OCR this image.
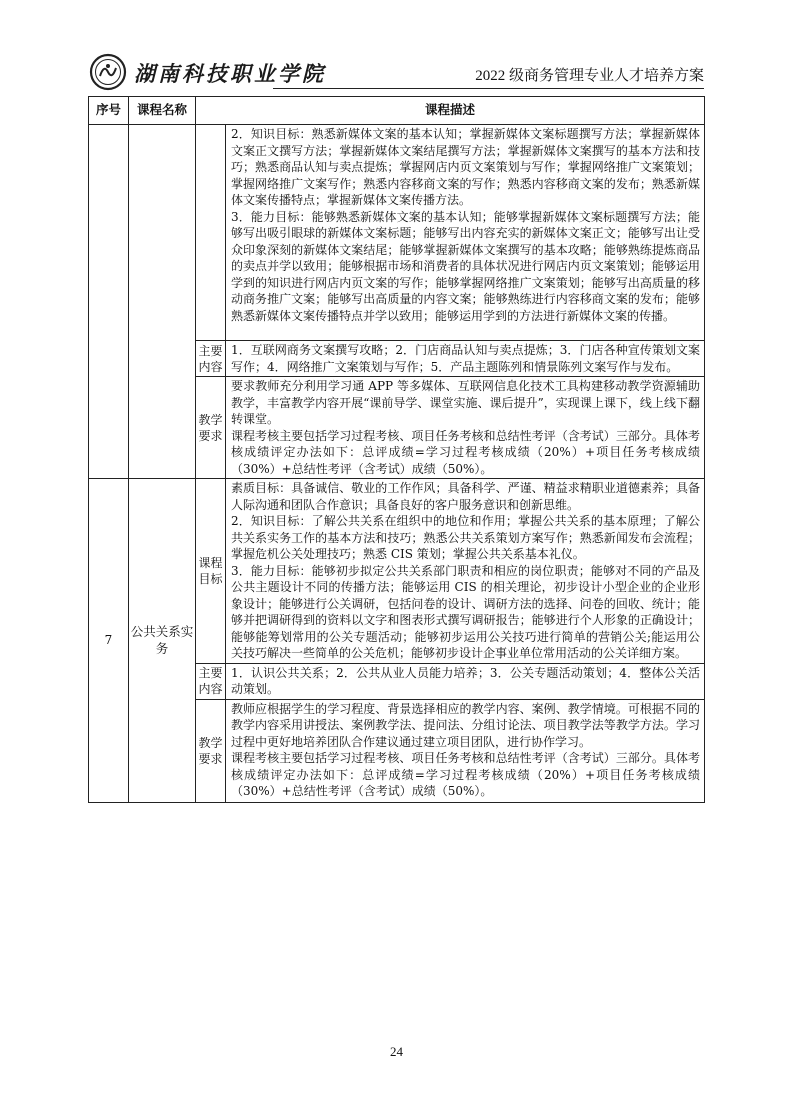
湖南科技职业学院	2022 级商务管理专业人才培养方案
序号	课程名称	课程描述	

			2．知识目标：熟悉新媒体文案的基本认知；掌握新媒体文案标题撰写方法；掌握新媒体文案正文撰写方法；掌握新媒体文案结尾撰写方法；掌握新媒体文案撰写的基本方法和技巧；熟悉商品认知与卖点提炼；掌握网店内页文案策划与写作；掌握网络推广文案策划；掌握网络推广文案写作；熟悉内容移商文案的写作；熟悉内容移商文案的发布；熟悉新媒体文案传播特点；掌握新媒体文案传播方法。

3．能力目标：能够熟悉新媒体文案的基本认知；能够掌握新媒体文案标题撰写方法；能够写出吸引眼球的新媒体文案标题；能够写出内容充实的新媒体文案正文；能够写出让受众印象深刻的新媒体文案结尾；能够掌握新媒体文案撰写的基本攻略；能够熟练提炼商品的卖点并学以致用；能够根据市场和消费者的具体状况进行网店内页文案策划；能够运用学到的知识进行网店内页文案的写作；能够掌握网络推广文案策划；能够写出高质量的移动商务推广文案；能够写出高质量的内容文案；能够熟练进行内容移商文案的发布；能够熟悉新媒体文案传播特点并学以致用；能够运用学到的方法进行新媒体文案的传播。

		主要内容	1．互联网商务文案撰写攻略；2．门店商品认知与卖点提炼；3．门店各种宣传策划文案写作；4．网络推广文案策划与写作；5．产品主题陈列和情景陈列文案写作与发布。

		教学要求	要求教师充分利用学习通 APP 等多媒体、互联网信息化技术工具构建移动教学资源辅助教学，丰富教学内容开展“课前导学、课堂实施、课后提升”，实现课上课下，线上线下翻转课堂。

课程考核主要包括学习过程考核、项目任务考核和总结性考评（含考试）三部分。具体考核成绩评定办法如下：总评成绩=学习过程考核成绩（20%）+项目任务考核成绩（30%）+总结性考评（含考试）成绩（50%）。

7	公共关系实务	课程目标	素质目标：具备诚信、敬业的工作作风；具备科学、严谨、精益求精职业道德素养；具备人际沟通和团队合作意识；具备良好的客户服务意识和创新思维。

2．知识目标：了解公共关系在组织中的地位和作用；掌握公共关系的基本原理；了解公共关系实务工作的基本方法和技巧；熟悉公共关系策划方案写作；熟悉新闻发布会流程；掌握危机公关处理技巧；熟悉 CIS 策划；掌握公共关系基本礼仪。

3．能力目标：能够初步拟定公共关系部门职责和相应的岗位职责；能够对不同的产品及公共主题设计不同的传播方法；能够运用 CIS 的相关理论，初步设计小型企业的企业形象设计；能够进行公关调研，包括问卷的设计、调研方法的选择、问卷的回收、统计；能够并把调研得到的资料以文字和图表形式撰写调研报告；能够进行个人形象的正确设计；能够能筹划常用的公关专题活动；能够初步运用公关技巧进行简单的营销公关;能运用公关技巧解决一些简单的公关危机；能够初步设计企事业单位常用活动的公关详细方案。

		主要内容	1．认识公共关系；2．公共从业人员能力培养；3．公关专题活动策划；4．整体公关活动策划。

		教学要求	教师应根据学生的学习程度、背景选择相应的教学内容、案例、教学情境。可根据不同的教学内容采用讲授法、案例教学法、提问法、分组讨论法、项目教学法等教学方法。学习过程中更好地培养团队合作建议通过建立项目团队，进行协作学习。

课程考核主要包括学习过程考核、项目任务考核和总结性考评（含考试）三部分。具体考核成绩评定办法如下：总评成绩=学习过程考核成绩（20%）+项目任务考核成绩（30%）+总结性考评（含考试）成绩（50%）。

24
